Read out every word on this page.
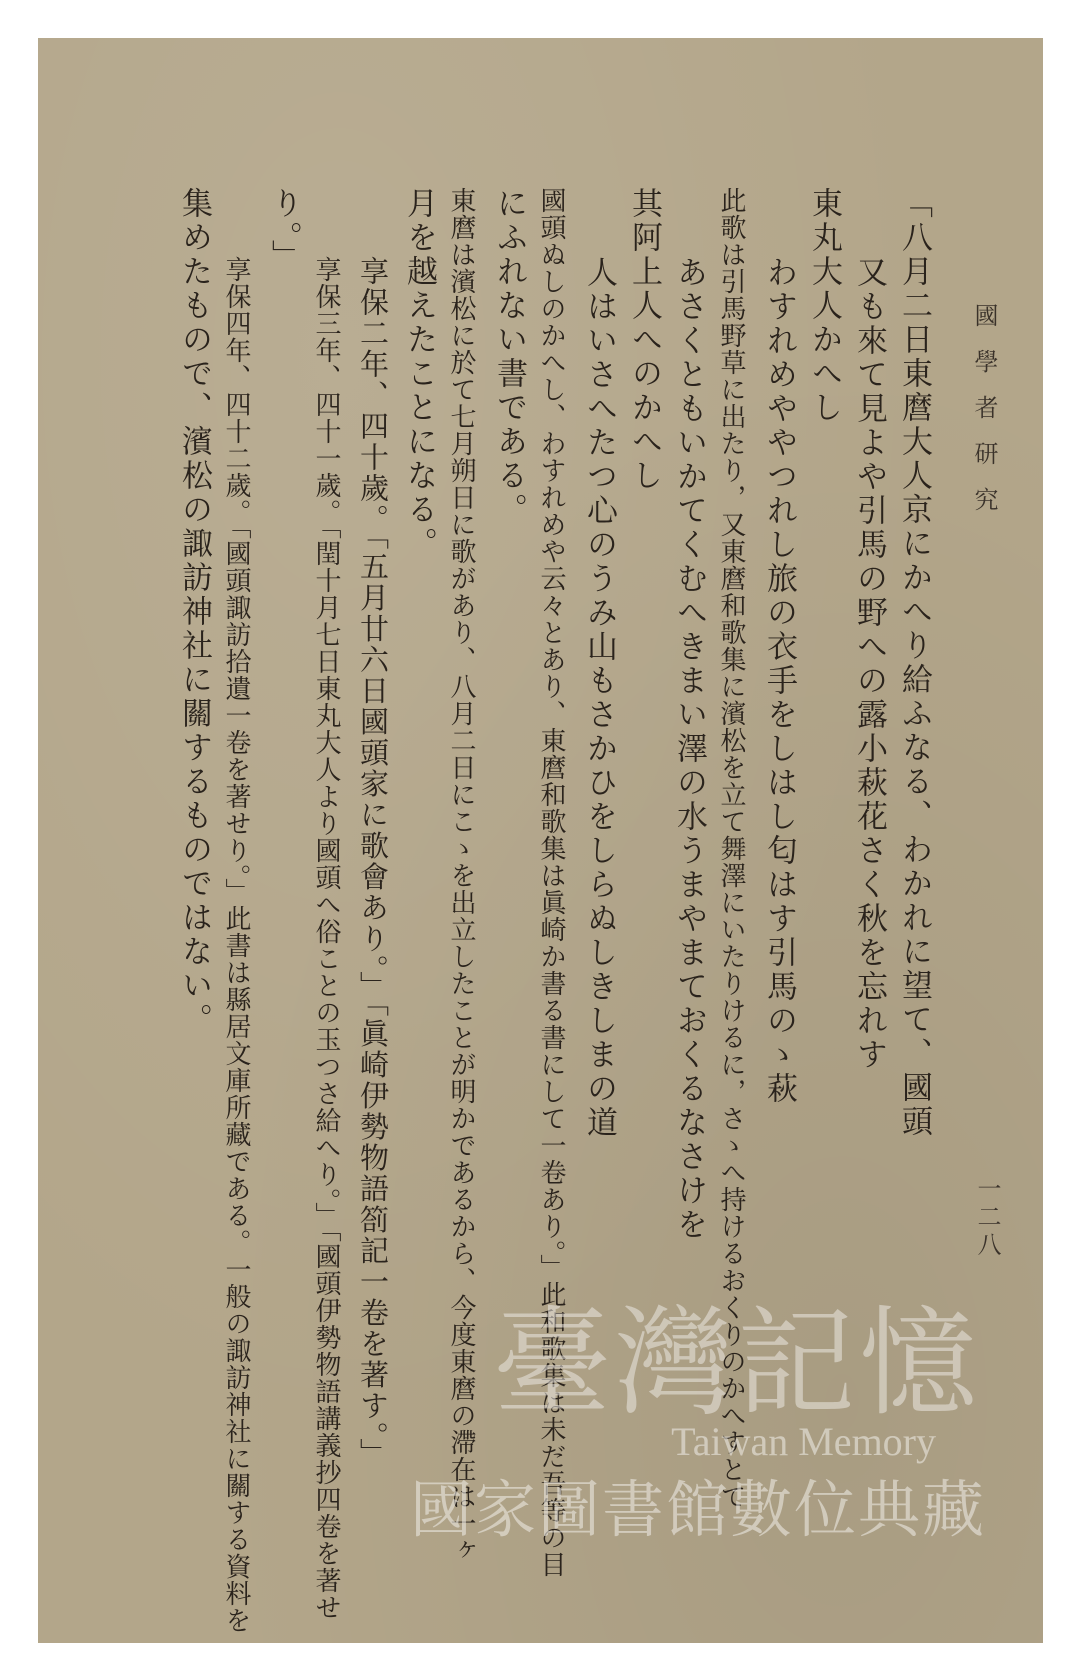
國學者研究
一二八
「八月二日東麿大人京にかへり給ふなる、わかれに望て、國頭
又も來て見よや引馬の野への露小萩花さく秋を忘れす
東丸大人かへし
わすれめややつれし旅の衣手をしはし匂はす引馬のゝ萩
此歌は引馬野草に出たり，又東麿和歌集に濱松を立て舞澤にいたりけるに，さゝへ持けるおくりのかへすとて
あさくともいかてくむへきまい澤の水うまやまておくるなさけを
其阿上人へのかへし
人はいさへたつ心のうみ山もさかひをしらぬしきしまの道
國頭ぬしのかへし、わすれめや云々とあり、東麿和歌集は眞崎か書る書にして一卷あり。」此和歌集は未だ吾等の目
にふれない書である。
東麿は濱松に於て七月朔日に歌があり、八月二日にこゝを出立したことが明かであるから、今度東麿の滯在は一ヶ
月を越えたことになる。
享保二年、四十歲。「五月廿六日國頭家に歌會あり。」「眞崎伊勢物語箚記一卷を著す。」
享保三年、四十一歲。「閏十月七日東丸大人より國頭へ俗ことの玉つさ給へり。」「國頭伊勢物語講義抄四卷を著せ
り。」
享保四年、四十二歲。「國頭諏訪拾遺一卷を著せり。」此書は縣居文庫所藏である。一般の諏訪神社に關する資料を
集めたもので、濱松の諏訪神社に關するものではない。
臺灣記憶
Taiwan Memory
國家圖書館數位典藏
